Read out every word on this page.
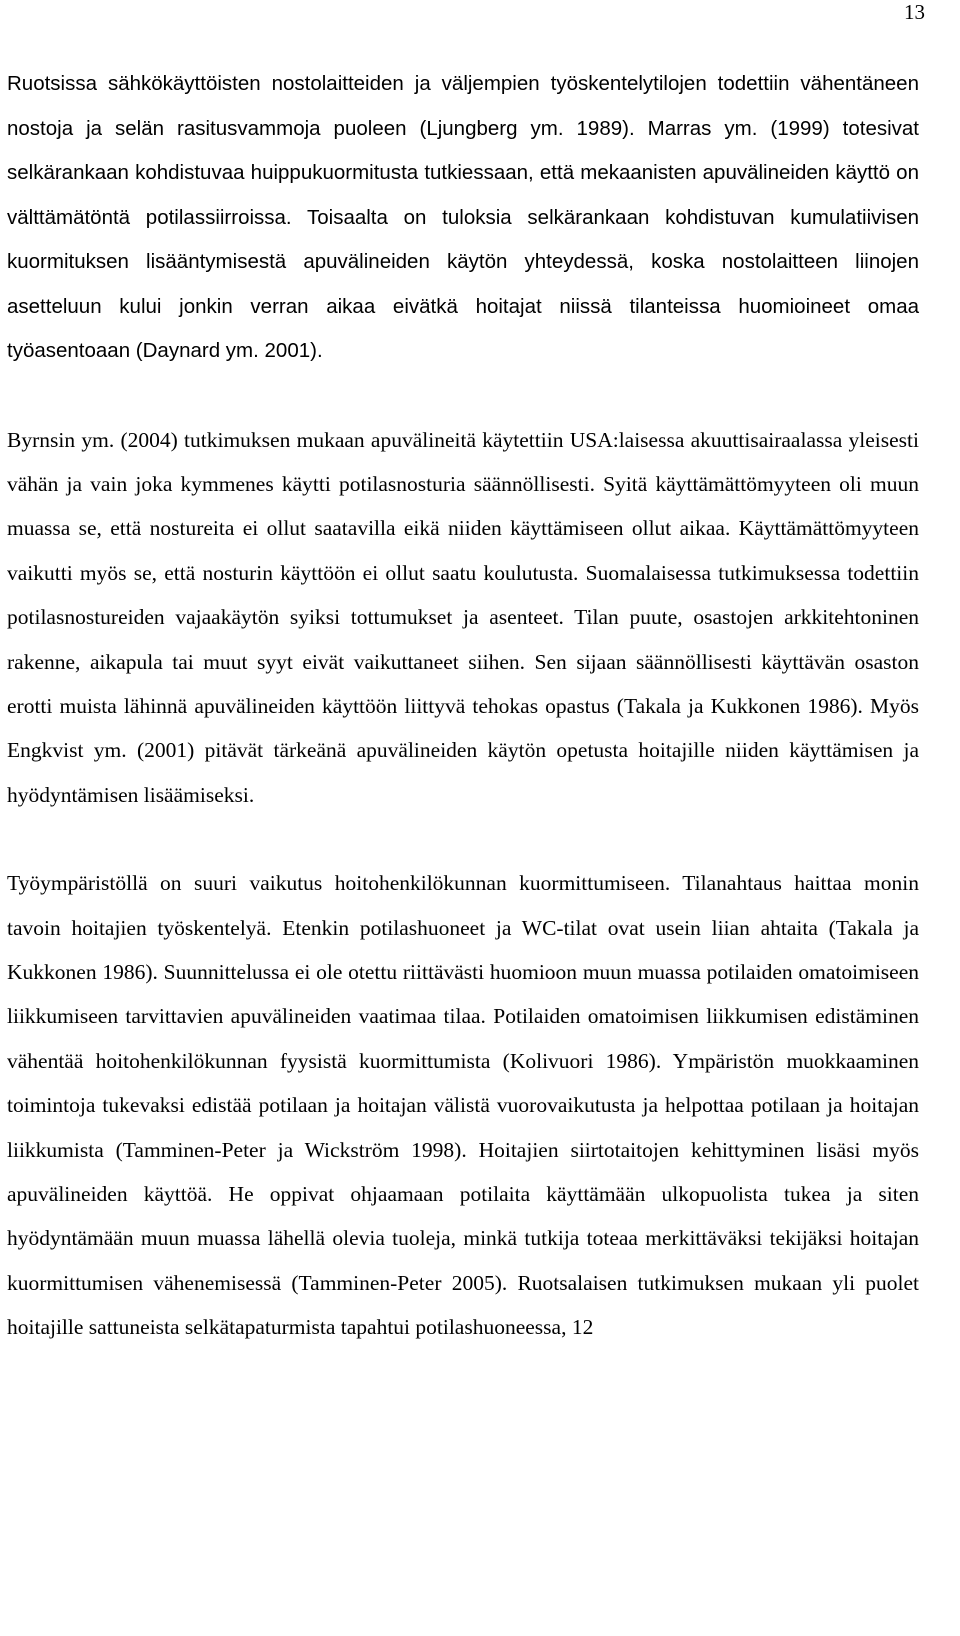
13

Ruotsissa sähkökäyttöisten nostolaitteiden ja väljempien työskentelytilojen todettiin vähentäneen nostoja ja selän rasitusvammoja puoleen (Ljungberg ym. 1989). Marras ym. (1999) totesivat selkärankaan kohdistuvaa huippukuormitusta tutkiessaan, että mekaanisten apuvälineiden käyttö on välttämätöntä potilassiirroissa. Toisaalta on tuloksia selkärankaan kohdistuvan kumulatiivisen kuormituksen lisääntymisestä apuvälineiden käytön yhteydessä, koska nostolaitteen liinojen asetteluun kului jonkin verran aikaa eivätkä hoitajat niissä tilanteissa huomioineet omaa työasentoaan (Daynard ym. 2001).

Byrnsin ym. (2004) tutkimuksen mukaan apuvälineitä käytettiin USA:laisessa akuuttisairaalassa yleisesti vähän ja vain joka kymmenes käytti potilasnosturia säännöllisesti. Syitä käyttämättömyyteen oli muun muassa se, että nostureita ei ollut saatavilla eikä niiden käyttämiseen ollut aikaa. Käyttämättömyyteen vaikutti myös se, että nosturin käyttöön ei ollut saatu koulutusta. Suomalaisessa tutkimuksessa todettiin potilasnostureiden vajaakäytön syiksi tottumukset ja asenteet. Tilan puute, osastojen arkkitehtoninen rakenne, aikapula tai muut syyt eivät vaikuttaneet siihen. Sen sijaan säännöllisesti käyttävän osaston erotti muista lähinnä apuvälineiden käyttöön liittyvä tehokas opastus (Takala ja Kukkonen 1986). Myös Engkvist ym. (2001) pitävät tärkeänä apuvälineiden käytön opetusta hoitajille niiden käyttämisen ja hyödyntämisen lisäämiseksi.

Työympäristöllä on suuri vaikutus hoitohenkilökunnan kuormittumiseen. Tilanahtaus haittaa monin tavoin hoitajien työskentelyä. Etenkin potilashuoneet ja WC-tilat ovat usein liian ahtaita (Takala ja Kukkonen 1986). Suunnittelussa ei ole otettu riittävästi huomioon muun muassa potilaiden omatoimiseen liikkumiseen tarvittavien apuvälineiden vaatimaa tilaa. Potilaiden omatoimisen liikkumisen edistäminen vähentää hoitohenkilökunnan fyysistä kuormittumista (Kolivuori 1986). Ympäristön muokkaaminen toimintoja tukevaksi edistää potilaan ja hoitajan välistä vuorovaikutusta ja helpottaa potilaan ja hoitajan liikkumista (Tamminen-Peter ja Wickström 1998). Hoitajien siirtotaitojen kehittyminen lisäsi myös apuvälineiden käyttöä. He oppivat ohjaamaan potilaita käyttämään ulkopuolista tukea ja siten hyödyntämään muun muassa lähellä olevia tuoleja, minkä tutkija toteaa merkittäväksi tekijäksi hoitajan kuormittumisen vähenemisessä (Tamminen-Peter 2005). Ruotsalaisen tutkimuksen mukaan yli puolet hoitajille sattuneista selkätapaturmista tapahtui potilashuoneessa, 12
